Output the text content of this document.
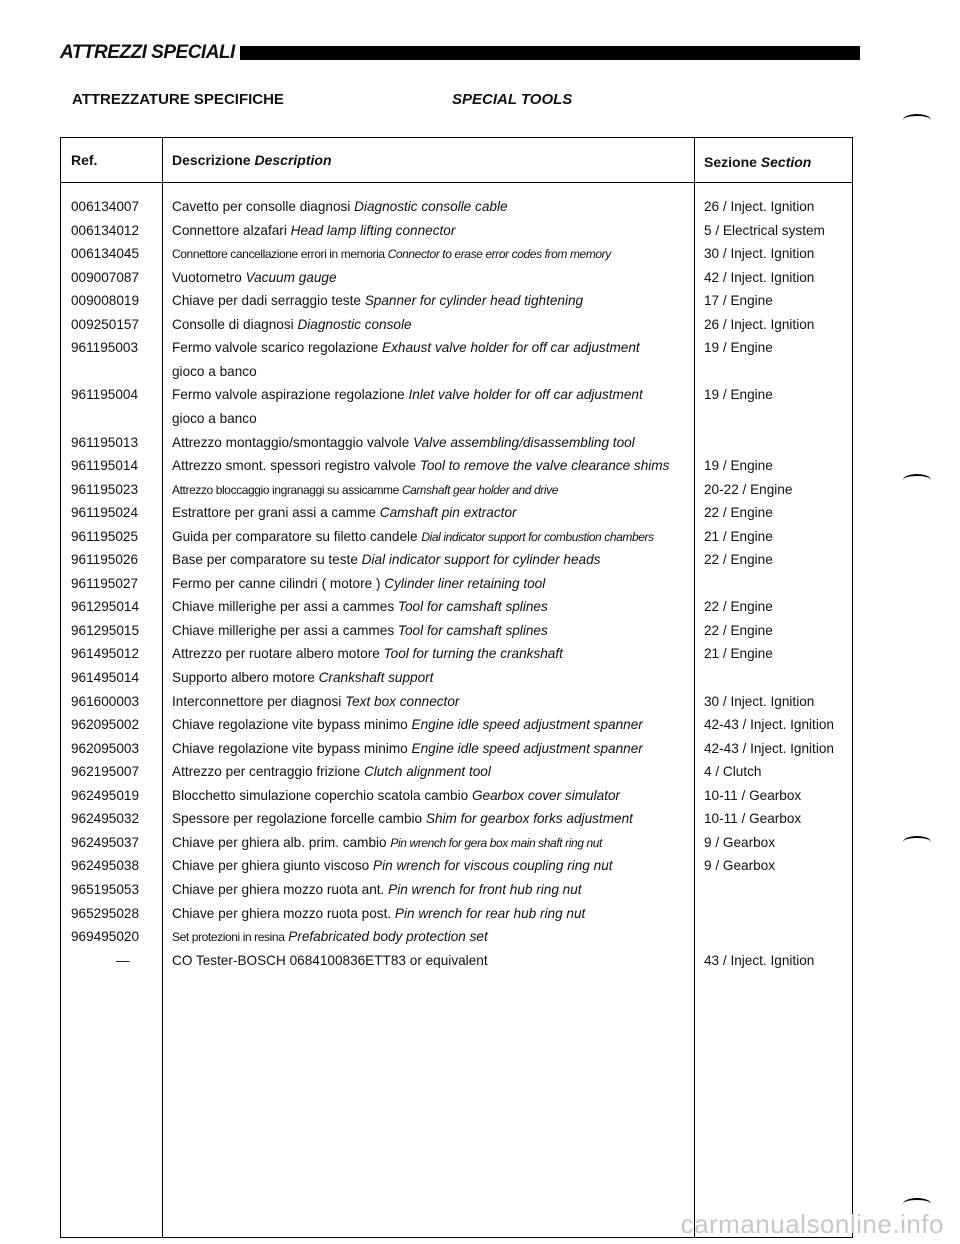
ATTREZZI SPECIALI
ATTREZZATURE SPECIFICHE	SPECIAL TOOLS
Ref.	Descrizione Description	Sezione Section
006134007	Cavetto per consolle diagnosi Diagnostic consolle cable	26 / Inject. Ignition
006134012	Connettore alzafari Head lamp lifting connector	5 / Electrical system
006134045	Connettore cancellazione errori in memoria Connector to erase error codes from memory	30 / Inject. Ignition
009007087	Vuotometro Vacuum gauge	42 / Inject. Ignition
009008019	Chiave per dadi serraggio teste Spanner for cylinder head tightening	17 / Engine
009250157	Consolle di diagnosi Diagnostic console	26 / Inject. Ignition
961195003	Fermo valvole scarico regolazione Exhaust valve holder for off car adjustment	19 / Engine
gioco a banco
961195004	Fermo valvole aspirazione regolazione Inlet valve holder for off car adjustment	19 / Engine
gioco a banco
961195013	Attrezzo montaggio/smontaggio valvole Valve assembling/disassembling tool
961195014	Attrezzo smont. spessori registro valvole Tool to remove the valve clearance shims	19 / Engine
961195023	Attrezzo bloccaggio ingranaggi su assicamme Camshaft gear holder and drive	20-22 / Engine
961195024	Estrattore per grani assi a camme Camshaft pin extractor	22 / Engine
961195025	Guida per comparatore su filetto candele Dial indicator support for combustion chambers	21 / Engine
961195026	Base per comparatore su teste Dial indicator support for cylinder heads	22 / Engine
961195027	Fermo per canne cilindri ( motore ) Cylinder liner retaining tool
961295014	Chiave millerighe per assi a cammes Tool for camshaft splines	22 / Engine
961295015	Chiave millerighe per assi a cammes Tool for camshaft splines	22 / Engine
961495012	Attrezzo per ruotare albero motore Tool for turning the crankshaft	21 / Engine
961495014	Supporto albero motore Crankshaft support
961600003	Interconnettore per diagnosi Text box connector	30 / Inject. Ignition
962095002	Chiave regolazione vite bypass minimo Engine idle speed adjustment spanner	42-43 / Inject. Ignition
962095003	Chiave regolazione vite bypass minimo Engine idle speed adjustment spanner	42-43 / Inject. Ignition
962195007	Attrezzo per centraggio frizione Clutch alignment tool	4 / Clutch
962495019	Blocchetto simulazione coperchio scatola cambio Gearbox cover simulator	10-11 / Gearbox
962495032	Spessore per regolazione forcelle cambio Shim for gearbox forks adjustment	10-11 / Gearbox
962495037	Chiave per ghiera alb. prim. cambio Pin wrench for gera box main shaft ring nut	9 / Gearbox
962495038	Chiave per ghiera giunto viscoso Pin wrench for viscous coupling ring nut	9 / Gearbox
965195053	Chiave per ghiera mozzo ruota ant. Pin wrench for front hub ring nut
965295028	Chiave per ghiera mozzo ruota post. Pin wrench for rear hub ring nut
969495020	Set protezioni in resina Prefabricated body protection set
—	CO Tester-BOSCH 0684100836ETT83 or equivalent	43 / Inject. Ignition
carmanualsonline.info
